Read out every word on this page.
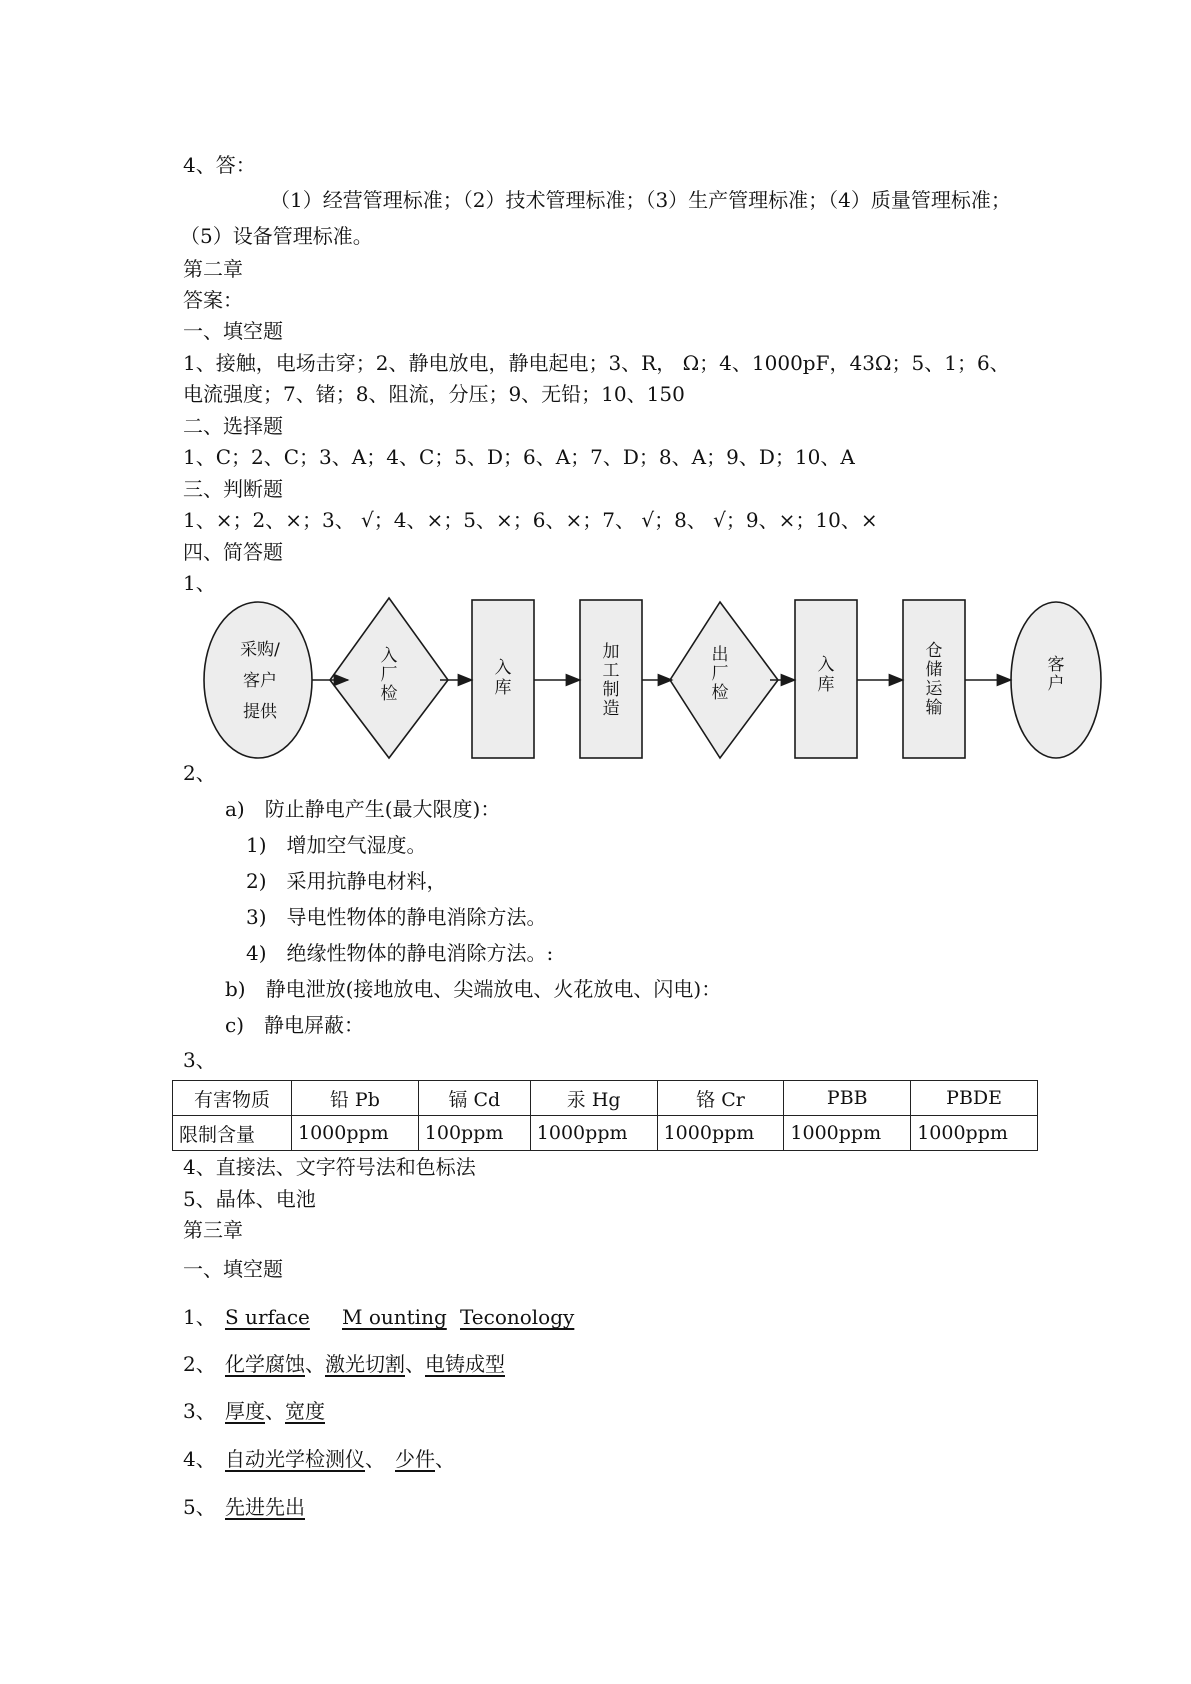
4、答：
（1）经营管理标准；（2）技术管理标准；（3）生产管理标准；（4）质量管理标准；
（5）设备管理标准。
第二章
答案：
一、填空题
1、接触，电场击穿；2、静电放电，静电起电；3、R， Ω；4、1000pF，43Ω；5、1；6、
电流强度；7、锗；8、阻流，分压；9、无铅；10、150
二、选择题
1、C；2、C；3、A；4、C；5、D；6、A；7、D；8、A；9、D；10、A
三、判断题
1、×；2、×；3、 √；4、×；5、×；6、×；7、 √；8、 √；9、×；10、×
四、简答题
1、
采购/
客户
提供
入
厂
检
入
库
加
工
制
造
出
厂
检
入
库
仓
储
运
输
客
户
2、
a)　防止静电产生(最大限度)：
1)　增加空气湿度。
2)　采用抗静电材料，
3)　导电性物体的静电消除方法。
4)　绝缘性物体的静电消除方法。:
b)　静电泄放(接地放电、尖端放电、火花放电、闪电)：
c)　静电屏蔽：
3、
有害物质	铅 Pb	镉 Cd	汞 Hg	铬 Cr	PBB	PBDE
限制含量	1000ppm	100ppm	1000ppm	1000ppm	1000ppm	1000ppm
4、直接法、文字符号法和色标法
5、晶体、电池
第三章
一、填空题
1、 S urface M ounting Teconology
2、 化学腐蚀、激光切割、电铸成型
3、 厚度、宽度
4、 自动光学检测仪、　 少件、
5、 先进先出
